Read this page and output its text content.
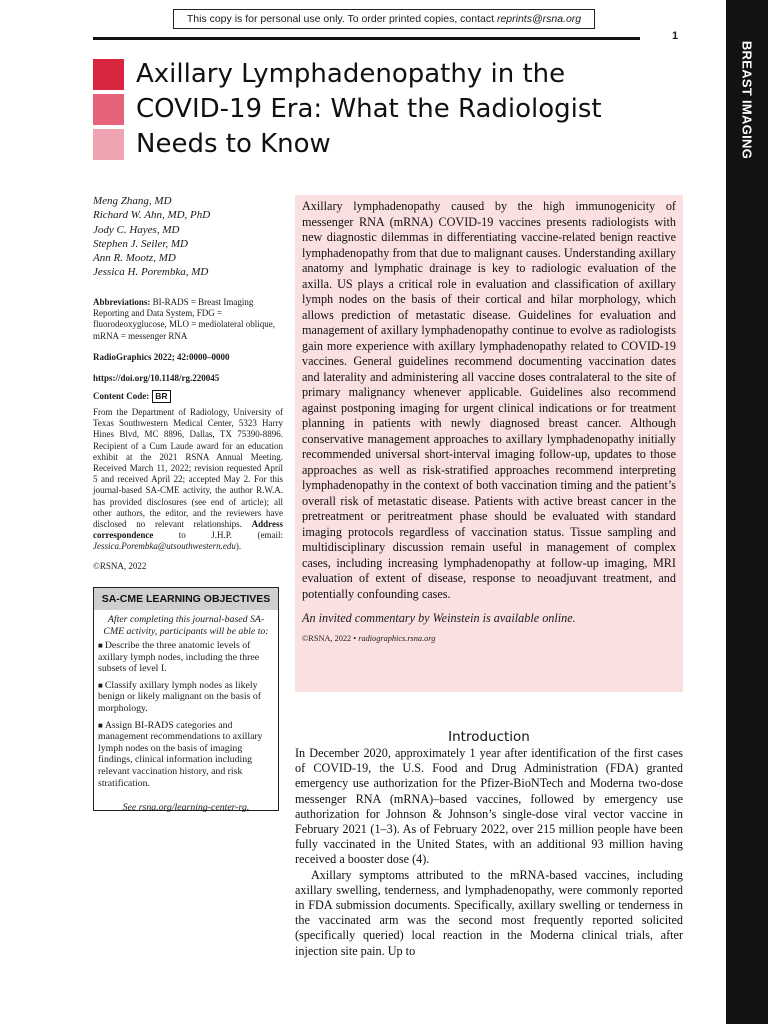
This copy is for personal use only. To order printed copies, contact reprints@rsna.org
1
BREAST IMAGING
Axillary Lymphadenopathy in the
COVID-19 Era: What the Radiologist
Needs to Know
Meng Zhang, MD
Richard W. Ahn, MD, PhD
Jody C. Hayes, MD
Stephen J. Seiler, MD
Ann R. Mootz, MD
Jessica H. Porembka, MD
Abbreviations: BI-RADS = Breast Imaging Reporting and Data System, FDG = fluorodeoxyglucose, MLO = mediolateral oblique, mRNA = messenger RNA
RadioGraphics 2022; 42:0000–0000
https://doi.org/10.1148/rg.220045
Content Code: BR
From the Department of Radiology, University of Texas Southwestern Medical Center, 5323 Harry Hines Blvd, MC 8896, Dallas, TX 75390-8896. Recipient of a Cum Laude award for an education exhibit at the 2021 RSNA Annual Meeting. Received March 11, 2022; revision requested April 5 and received April 22; accepted May 2. For this journal-based SA-CME activity, the author R.W.A. has provided disclosures (see end of article); all other authors, the editor, and the reviewers have disclosed no relevant relationships. Address correspondence to J.H.P. (email: Jessica.Porembka@utsouthwestern.edu).
©RSNA, 2022
SA-CME LEARNING OBJECTIVES
After completing this journal-based SA-CME activity, participants will be able to:
■ Describe the three anatomic levels of axillary lymph nodes, including the three subsets of level I.
■ Classify axillary lymph nodes as likely benign or likely malignant on the basis of morphology.
■ Assign BI-RADS categories and management recommendations to axillary lymph nodes on the basis of imaging findings, clinical information including relevant vaccination history, and risk stratification.
See rsna.org/learning-center-rg.
Axillary lymphadenopathy caused by the high immunogenicity of messenger RNA (mRNA) COVID-19 vaccines presents radiologists with new diagnostic dilemmas in differentiating vaccine-related benign reactive lymphadenopathy from that due to malignant causes. Understanding axillary anatomy and lymphatic drainage is key to radiologic evaluation of the axilla. US plays a critical role in evaluation and classification of axillary lymph nodes on the basis of their cortical and hilar morphology, which allows prediction of metastatic disease. Guidelines for evaluation and management of axillary lymphadenopathy continue to evolve as radiologists gain more experience with axillary lymphadenopathy related to COVID-19 vaccines. General guidelines recommend documenting vaccination dates and laterality and administering all vaccine doses contralateral to the site of primary malignancy whenever applicable. Guidelines also recommend against postponing imaging for urgent clinical indications or for treatment planning in patients with newly diagnosed breast cancer. Although conservative management approaches to axillary lymphadenopathy initially recommended universal short-interval imaging follow-up, updates to those approaches as well as risk-stratified approaches recommend interpreting lymphadenopathy in the context of both vaccination timing and the patient’s overall risk of metastatic disease. Patients with active breast cancer in the pretreatment or peritreatment phase should be evaluated with standard imaging protocols regardless of vaccination status. Tissue sampling and multidisciplinary discussion remain useful in management of complex cases, including increasing lymphadenopathy at follow-up imaging, MRI evaluation of extent of disease, response to neoadjuvant treatment, and potentially confounding cases.
An invited commentary by Weinstein is available online.
©RSNA, 2022 • radiographics.rsna.org
Introduction

In December 2020, approximately 1 year after identification of the first cases of COVID-19, the U.S. Food and Drug Administration (FDA) granted emergency use authorization for the Pfizer-BioNTech and Moderna two-dose messenger RNA (mRNA)–based vaccines, followed by emergency use authorization for Johnson & Johnson’s single-dose viral vector vaccine in February 2021 (1–3). As of February 2022, over 215 million people have been fully vaccinated in the United States, with an additional 93 million having received a booster dose (4).

Axillary symptoms attributed to the mRNA-based vaccines, including axillary swelling, tenderness, and lymphadenopathy, were commonly reported in FDA submission documents. Specifically, axillary swelling or tenderness in the vaccinated arm was the second most frequently reported solicited (specifically queried) local reaction in the Moderna clinical trials, after injection site pain. Up to
